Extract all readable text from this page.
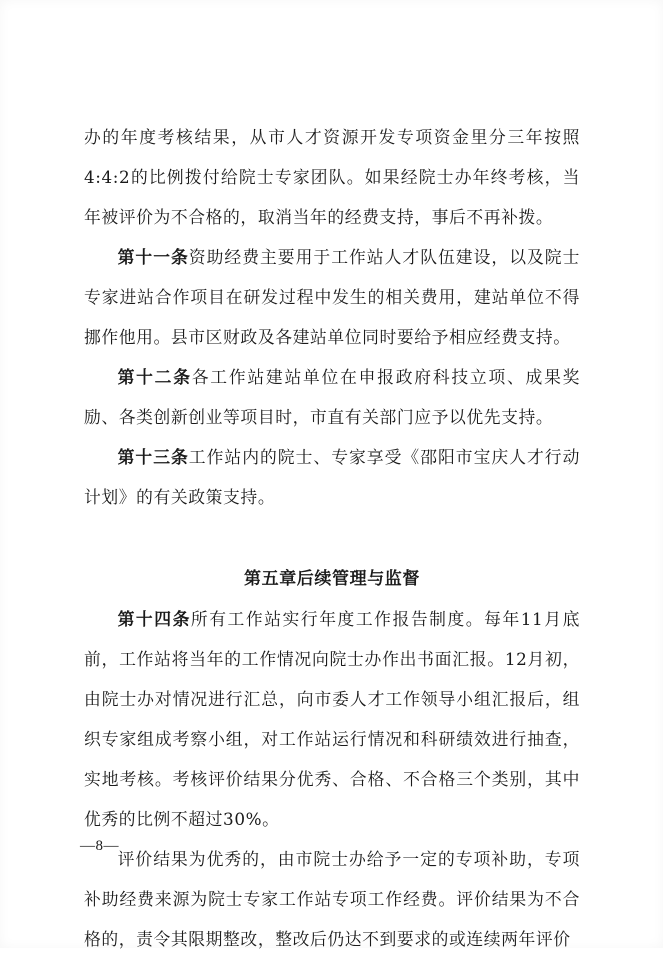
办的年度考核结果，从市人才资源开发专项资金里分三年按照4:4:2的比例拨付给院士专家团队。如果经院士办年终考核，当年被评价为不合格的，取消当年的经费支持，事后不再补拨。

第十一条资助经费主要用于工作站人才队伍建设，以及院士专家进站合作项目在研发过程中发生的相关费用，建站单位不得挪作他用。县市区财政及各建站单位同时要给予相应经费支持。

第十二条各工作站建站单位在申报政府科技立项、成果奖励、各类创新创业等项目时，市直有关部门应予以优先支持。

第十三条工作站内的院士、专家享受《邵阳市宝庆人才行动计划》的有关政策支持。

第五章后续管理与监督

第十四条所有工作站实行年度工作报告制度。每年11月底前，工作站将当年的工作情况向院士办作出书面汇报。12月初，由院士办对情况进行汇总，向市委人才工作领导小组汇报后，组织专家组成考察小组，对工作站运行情况和科研绩效进行抽查，实地考核。考核评价结果分优秀、合格、不合格三个类别，其中优秀的比例不超过30%。

评价结果为优秀的，由市院士办给予一定的专项补助，专项补助经费来源为院士专家工作站专项工作经费。评价结果为不合格的，责令其限期整改，整改后仍达不到要求的或连续两年评价

—8—
